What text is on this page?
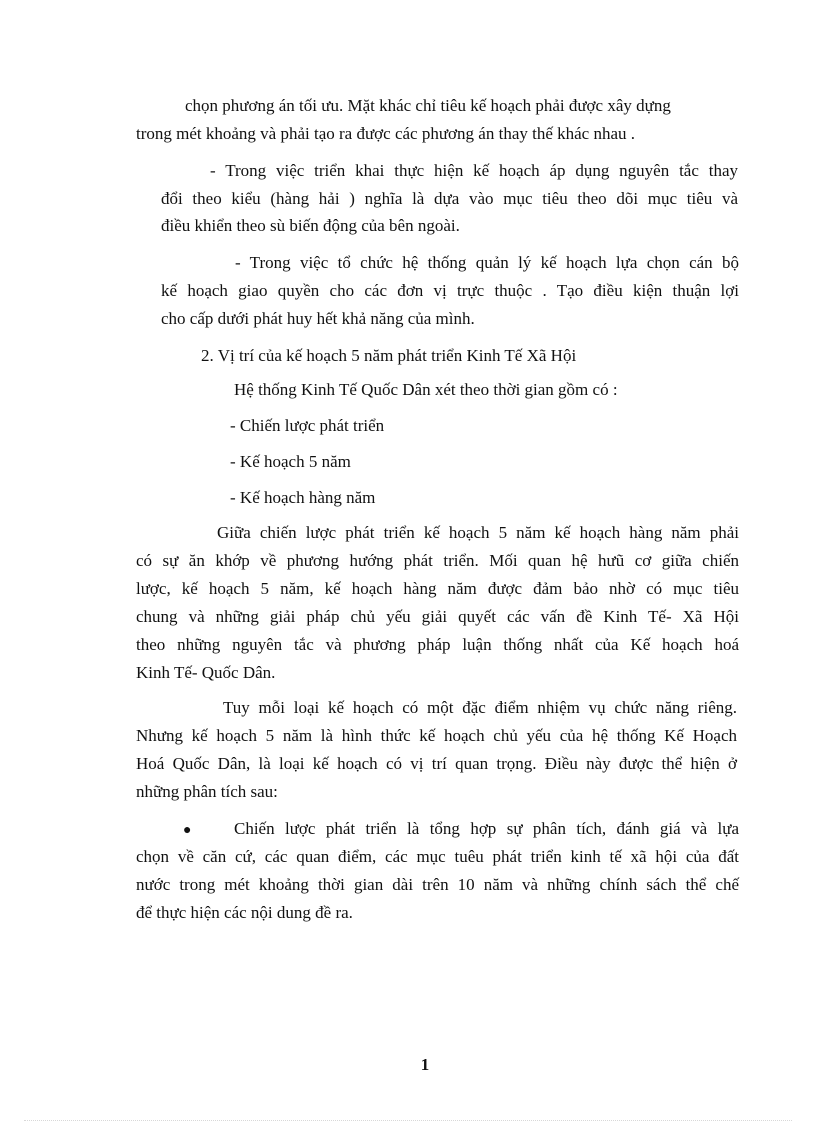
chọn phương án tối ưu. Mặt khác chỉ tiêu kế hoạch phải được xây dựng
trong mét khoảng và phải tạo ra được các phương án thay thế khác nhau .
- Trong việc triển khai thực hiện kế hoạch áp dụng nguyên tắc thay
đổi theo kiểu (hàng hải ) nghĩa là dựa vào mục tiêu theo dõi mục tiêu và
điều khiển theo sù biến động của bên ngoài.
- Trong việc tổ chức hệ thống quản lý kế hoạch lựa chọn cán bộ
kế hoạch giao quyền cho các đơn vị trực thuộc . Tạo điều kiện thuận lợi
cho cấp dưới phát huy hết khả năng của mình.
2. Vị trí của kế hoạch 5 năm phát triển Kinh Tế Xã Hội
Hệ thống Kinh Tế Quốc Dân xét theo thời gian gồm có :
- Chiến lược phát triển
- Kế hoạch 5 năm
- Kế hoạch hàng năm
Giữa chiến lược phát triển kế hoạch 5 năm kế hoạch hàng năm phải
có sự ăn khớp về phương hướng phát triển. Mối quan hệ hưũ cơ giữa chiến
lược, kế hoạch 5 năm, kế hoạch hàng năm được đảm bảo nhờ có mục tiêu
chung và những giải pháp chủ yếu giải quyết các vấn đề Kinh Tế- Xã Hội
theo những nguyên tắc và phương pháp luận thống nhất của Kế hoạch hoá
Kinh Tế- Quốc Dân.
Tuy mỗi loại kế hoạch có một đặc điểm nhiệm vụ chức năng riêng.
Nhưng kế hoạch 5 năm là hình thức kế hoạch chủ yếu của hệ thống Kế Hoạch
Hoá Quốc Dân, là loại kế hoạch có vị trí quan trọng. Điều này được thể hiện ở
những phân tích sau:
●	Chiến lược phát triển là tổng hợp sự phân tích, đánh giá và lựa
chọn về căn cứ, các quan điểm, các mục tuêu phát triển kinh tế xã hội của đất
nước trong mét khoảng thời gian dài trên 10 năm và những chính sách thể chế
để thực hiện các nội dung đề ra.
1
